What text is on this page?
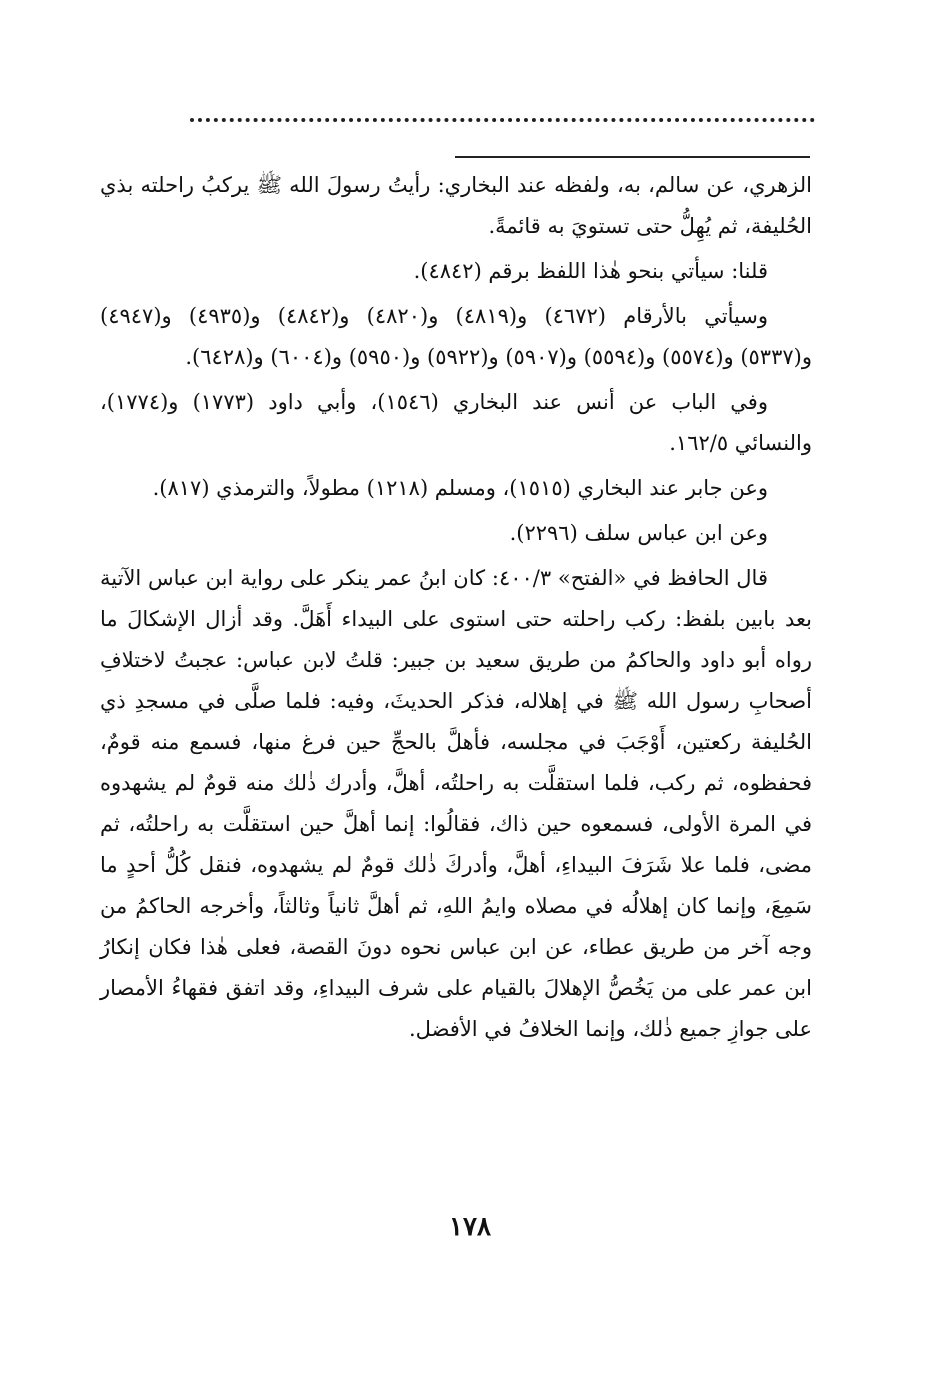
الزهري، عن سالم، به، ولفظه عند البخاري: رأيتُ رسولَ الله ﷺ يركبُ راحلته بذي الحُليفة، ثم يُهِلُّ حتى تستويَ به قائمةً.

قلنا: سيأتي بنحو هٰذا اللفظ برقم (٤٨٤٢).

وسيأتي بالأرقام (٤٦٧٢) و(٤٨١٩) و(٤٨٢٠) و(٤٨٤٢) و(٤٩٣٥) و(٤٩٤٧) و(٥٣٣٧) و(٥٥٧٤) و(٥٥٩٤) و(٥٩٠٧) و(٥٩٢٢) و(٥٩٥٠) و(٦٠٠٤) و(٦٤٢٨).

وفي الباب عن أنس عند البخاري (١٥٤٦)، وأبي داود (١٧٧٣) و(١٧٧٤)، والنسائي ١٦٢/٥.

وعن جابر عند البخاري (١٥١٥)، ومسلم (١٢١٨) مطولاً، والترمذي (٨١٧).

وعن ابن عباس سلف (٢٢٩٦).

قال الحافظ في «الفتح» ٤٠٠/٣: كان ابنُ عمر ينكر على رواية ابن عباس الآتية بعد بابين بلفظ: ركب راحلته حتى استوى على البيداء أَهَلَّ. وقد أزال الإشكالَ ما رواه أبو داود والحاكمُ من طريق سعيد بن جبير: قلتُ لابن عباس: عجبتُ لاختلافِ أصحابِ رسول الله ﷺ في إهلاله، فذكر الحديثَ، وفيه: فلما صلَّى في مسجدِ ذي الحُليفة ركعتين، أَوْجَبَ في مجلسه، فأهلَّ بالحجِّ حين فرغ منها، فسمع منه قومٌ، فحفظوه، ثم ركب، فلما استقلَّت به راحلتُه، أهلَّ، وأدرك ذٰلك منه قومٌ لم يشهدوه في المرة الأولى، فسمعوه حين ذاك، فقالُوا: إنما أهلَّ حين استقلَّت به راحلتُه، ثم مضى، فلما علا شَرَفَ البيداءِ، أهلَّ، وأدركَ ذٰلك قومٌ لم يشهدوه، فنقل كُلُّ أحدٍ ما سَمِعَ، وإنما كان إهلالُه في مصلاه وايمُ اللهِ، ثم أهلَّ ثانياً وثالثاً، وأخرجه الحاكمُ من وجه آخر من طريق عطاء، عن ابن عباس نحوه دونَ القصة، فعلى هٰذا فكان إنكارُ ابن عمر على من يَخُصُّ الإهلالَ بالقيام على شرف البيداءِ، وقد اتفق فقهاءُ الأمصار على جوازِ جميع ذٰلك، وإنما الخلافُ في الأفضل.

١٧٨
